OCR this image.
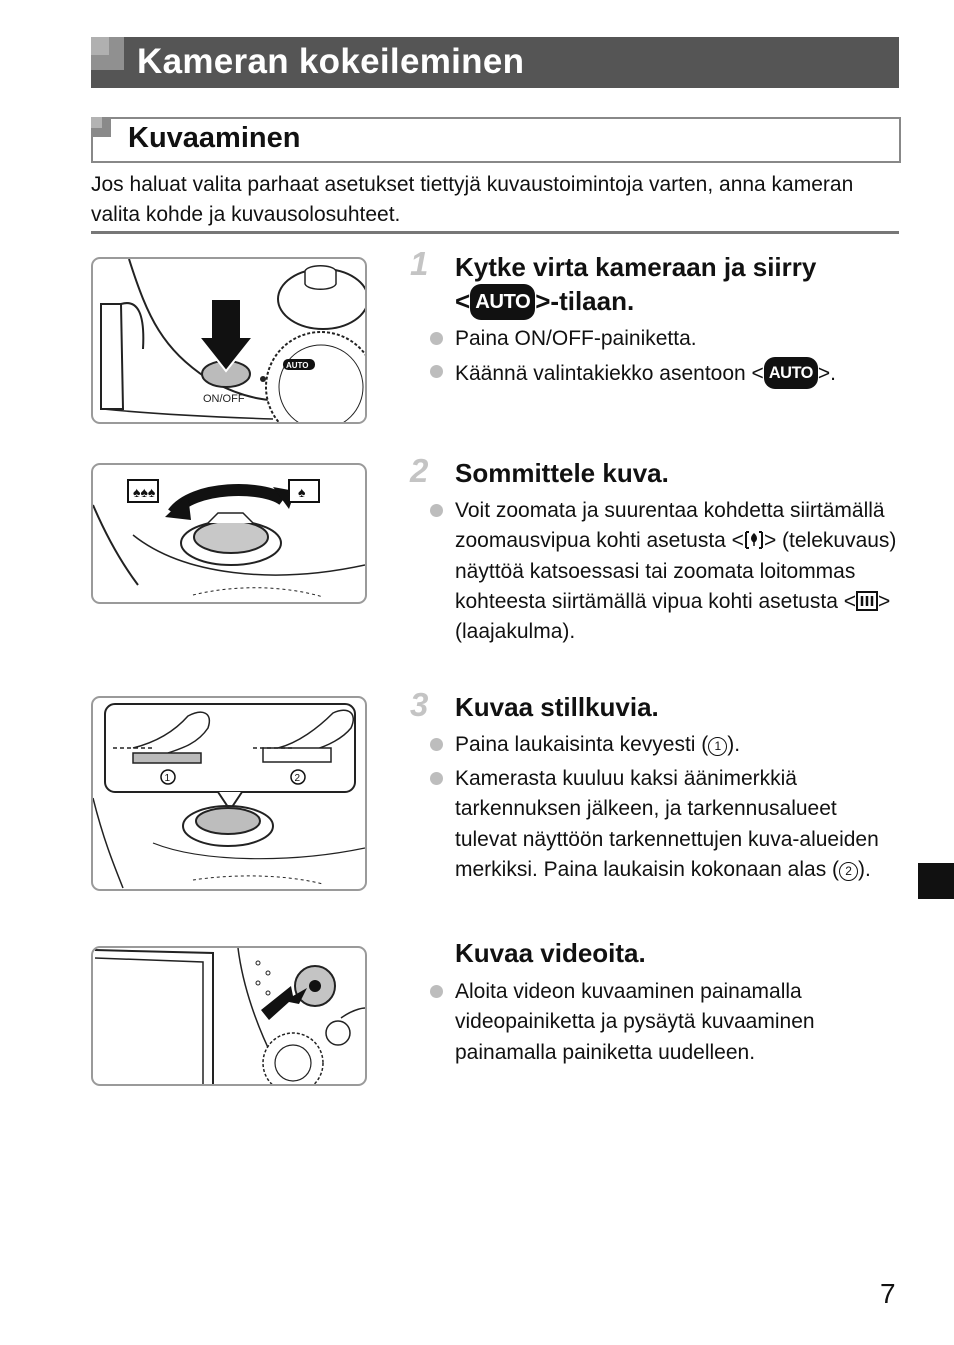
Kameran kokeileminen
Kuvaaminen
Jos haluat valita parhaat asetukset tiettyjä kuvaustoimintoja varten, anna kameran valita kohde ja kuvausolosuhteet.
ON/OFF
AUTO
♠♠♠	♠
1	2
1 Kytke virta kameraan ja siirry
< AUTO >-tilaan.
Paina ON/OFF-painiketta.
Käännä valintakiekko asentoon < AUTO >.
2 Sommittele kuva.
Voit zoomata ja suurentaa kohdetta siirtämällä zoomausvipua kohti asetusta < > (telekuvaus) näyttöä katsoessasi tai zoomata loitommas kohteesta siirtämällä vipua kohti asetusta < > (laajakulma).
3 Kuvaa stillkuvia.
Paina laukaisinta kevyesti ( 1 ).
Kamerasta kuuluu kaksi äänimerkkiä tarkennuksen jälkeen, ja tarkennusalueet tulevat näyttöön tarkennettujen kuva-alueiden merkiksi. Paina laukaisin kokonaan alas ( 2 ).
Kuvaa videoita.
Aloita videon kuvaaminen painamalla videopainiketta ja pysäytä kuvaaminen painamalla painiketta uudelleen.
7
